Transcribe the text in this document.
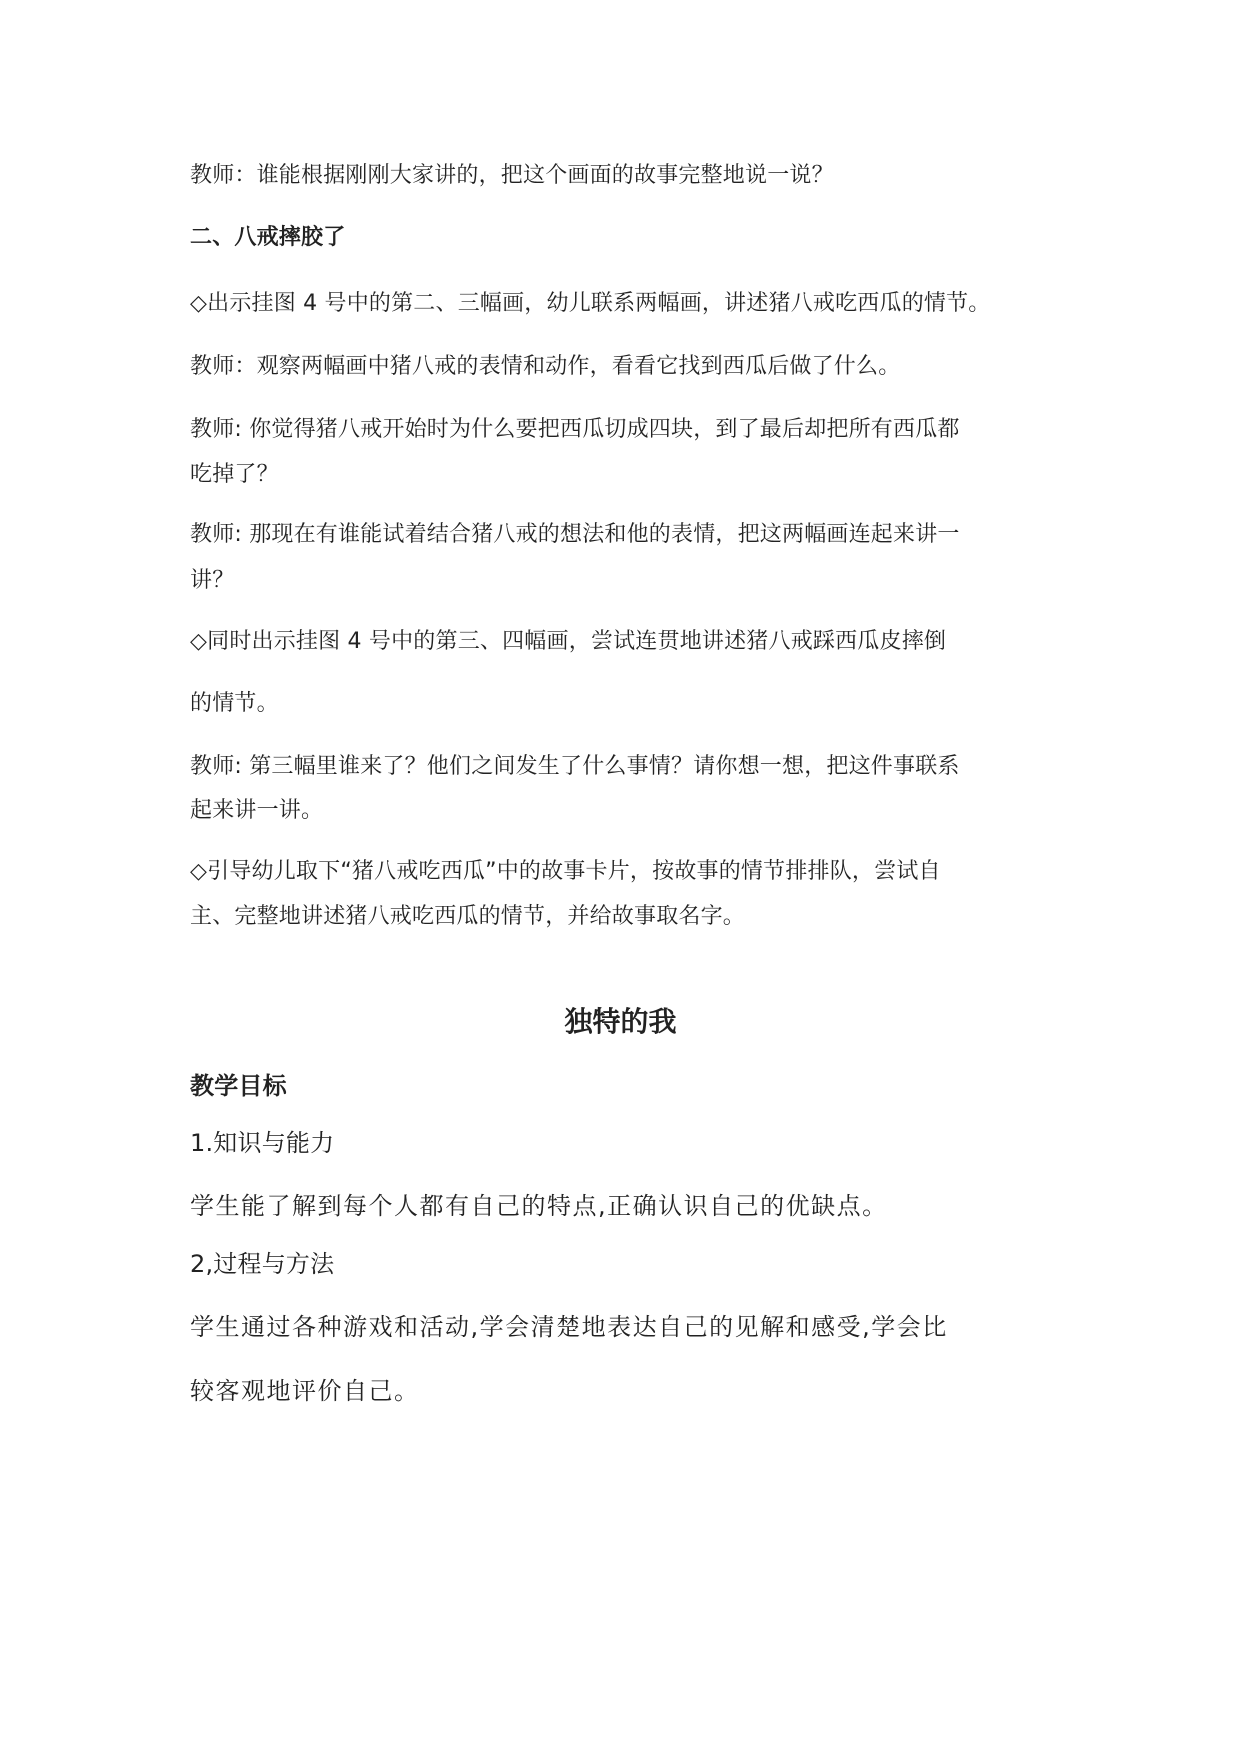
教师：谁能根据刚刚大家讲的，把这个画面的故事完整地说一说？

二、八戒摔胶了

◇出示挂图 4 号中的第二、三幅画，幼儿联系两幅画，讲述猪八戒吃西瓜的情节。

教师：观察两幅画中猪八戒的表情和动作，看看它找到西瓜后做了什么。

教师: 你觉得猪八戒开始时为什么要把西瓜切成四块，到了最后却把所有西瓜都

吃掉了？

教师: 那现在有谁能试着结合猪八戒的想法和他的表情，把这两幅画连起来讲一

讲？

◇同时出示挂图 4 号中的第三、四幅画，尝试连贯地讲述猪八戒踩西瓜皮摔倒

的情节。

教师: 第三幅里谁来了？他们之间发生了什么事情？请你想一想，把这件事联系

起来讲一讲。

◇引导幼儿取下“猪八戒吃西瓜”中的故事卡片，按故事的情节排排队，尝试自

主、完整地讲述猪八戒吃西瓜的情节，并给故事取名字。

独特的我

教学目标

1.知识与能力

学生能了解到每个人都有自己的特点,正确认识自己的优缺点。

2,过程与方法

学生通过各种游戏和活动,学会清楚地表达自己的见解和感受,学会比

较客观地评价自己。
